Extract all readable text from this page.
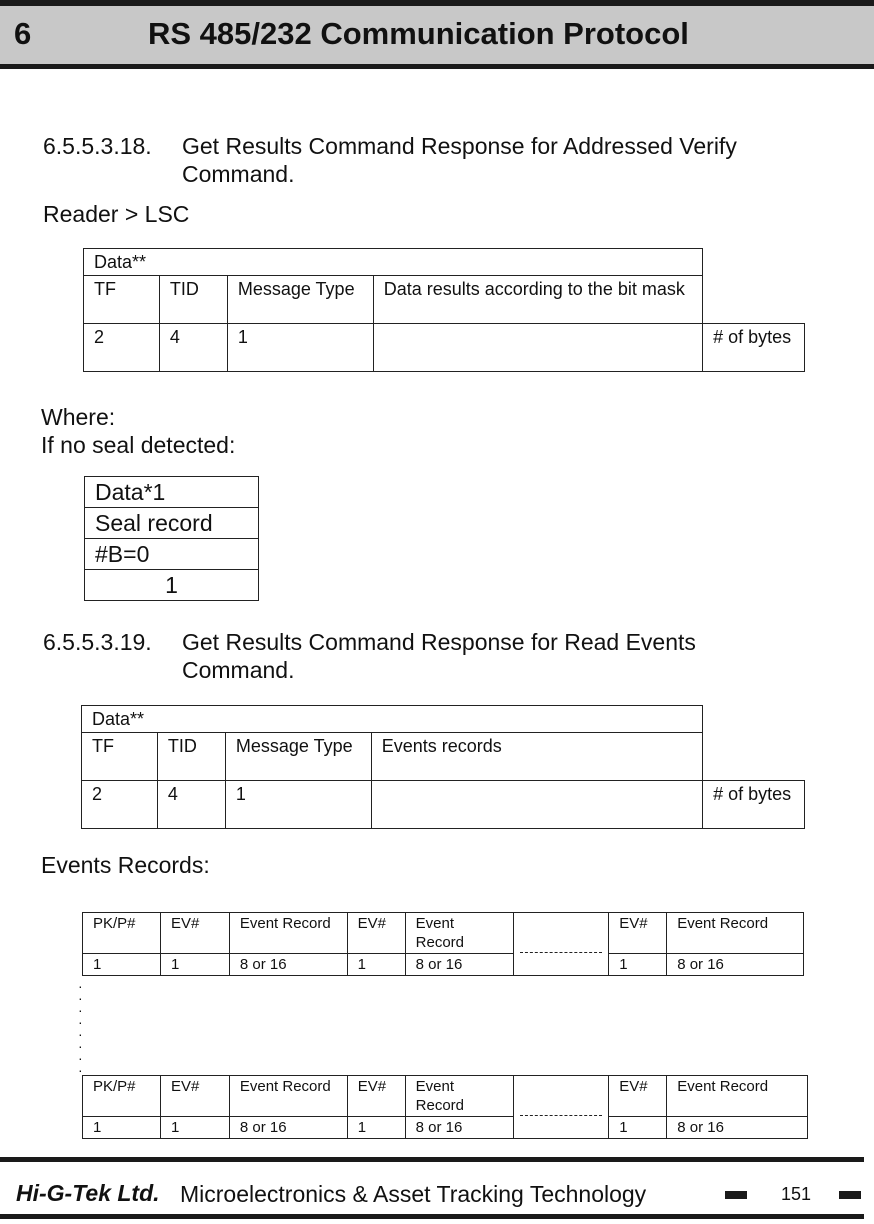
6	RS 485/232 Communication Protocol
6.5.5.3.18. Get Results Command Response for Addressed Verify
Command.
Reader > LSC
Data**				
TF	TID	Message Type	Data results according to the bit mask	
2	4	1		# of bytes
Where:
If no seal detected:
Data*1
Seal record
#B=0
1
6.5.5.3.19. Get Results Command Response for Read Events
Command.
Data**				
TF	TID	Message Type	Events records	
2	4	1		# of bytes
Events Records:
PK/P#	EV#	Event Record	EV#	Event Record		EV#	Event Record
1	1	8 or 16	1	8 or 16		1	8 or 16
· · · · · · · ·
PK/P#	EV#	Event Record	EV#	Event Record		EV#	Event Record
1	1	8 or 16	1	8 or 16		1	8 or 16
Hi-G-Tek Ltd. Microelectronics & Asset Tracking Technology	151
